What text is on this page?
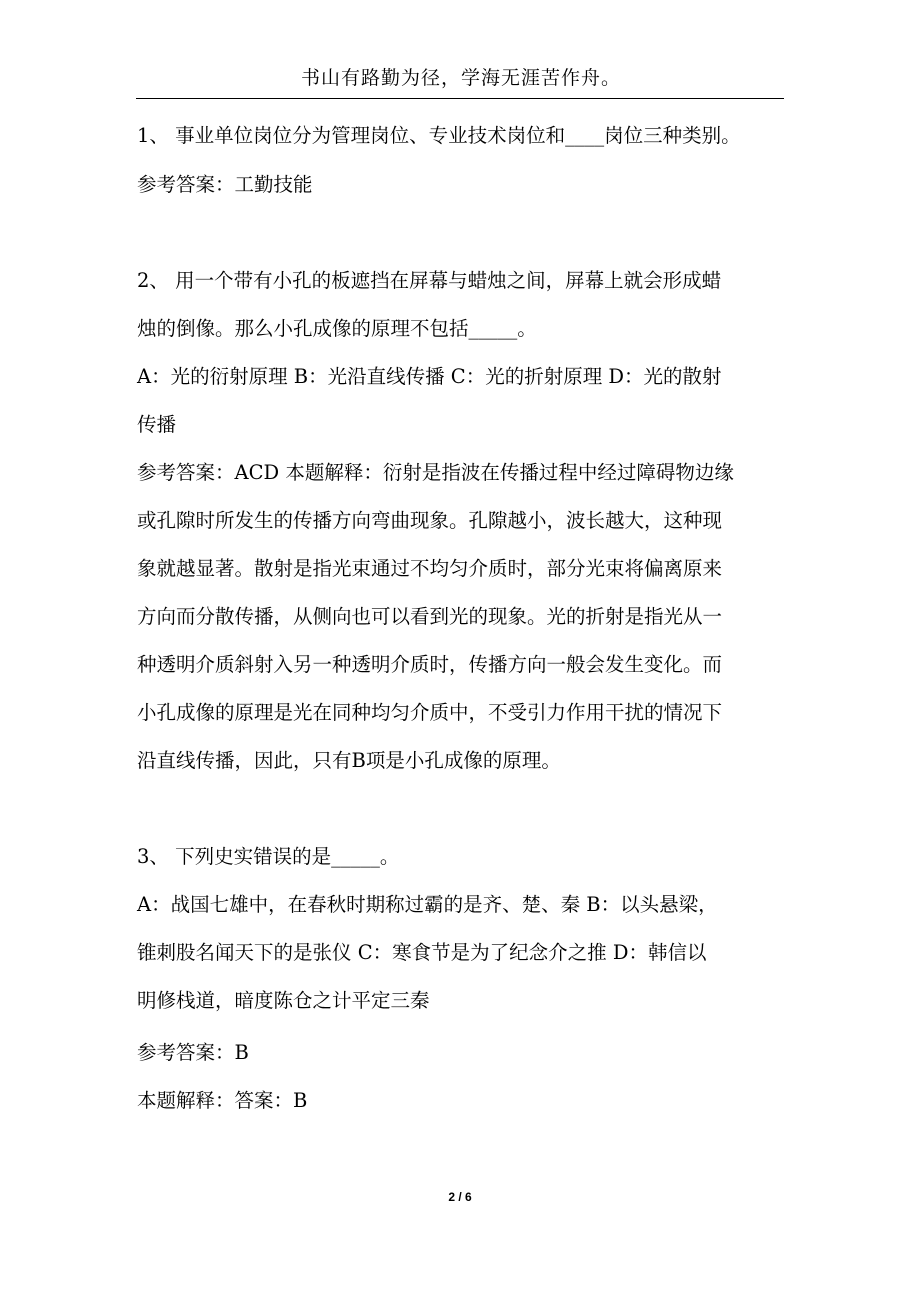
书山有路勤为径，学海无涯苦作舟。
1、 事业单位岗位分为管理岗位、专业技术岗位和____岗位三种类别。
参考答案：工勤技能
2、 用一个带有小孔的板遮挡在屏幕与蜡烛之间，屏幕上就会形成蜡
烛的倒像。那么小孔成像的原理不包括_____。
A：光的衍射原理 B：光沿直线传播 C：光的折射原理 D：光的散射
传播
参考答案：ACD 本题解释：衍射是指波在传播过程中经过障碍物边缘
或孔隙时所发生的传播方向弯曲现象。孔隙越小，波长越大，这种现
象就越显著。散射是指光束通过不均匀介质时，部分光束将偏离原来
方向而分散传播，从侧向也可以看到光的现象。光的折射是指光从一
种透明介质斜射入另一种透明介质时，传播方向一般会发生变化。而
小孔成像的原理是光在同种均匀介质中，不受引力作用干扰的情况下
沿直线传播，因此，只有B项是小孔成像的原理。
3、 下列史实错误的是_____。
A：战国七雄中，在春秋时期称过霸的是齐、楚、秦 B：以头悬梁，
锥刺股名闻天下的是张仪 C：寒食节是为了纪念介之推 D：韩信以
明修栈道，暗度陈仓之计平定三秦
参考答案：B
本题解释：答案：B
2 / 6
